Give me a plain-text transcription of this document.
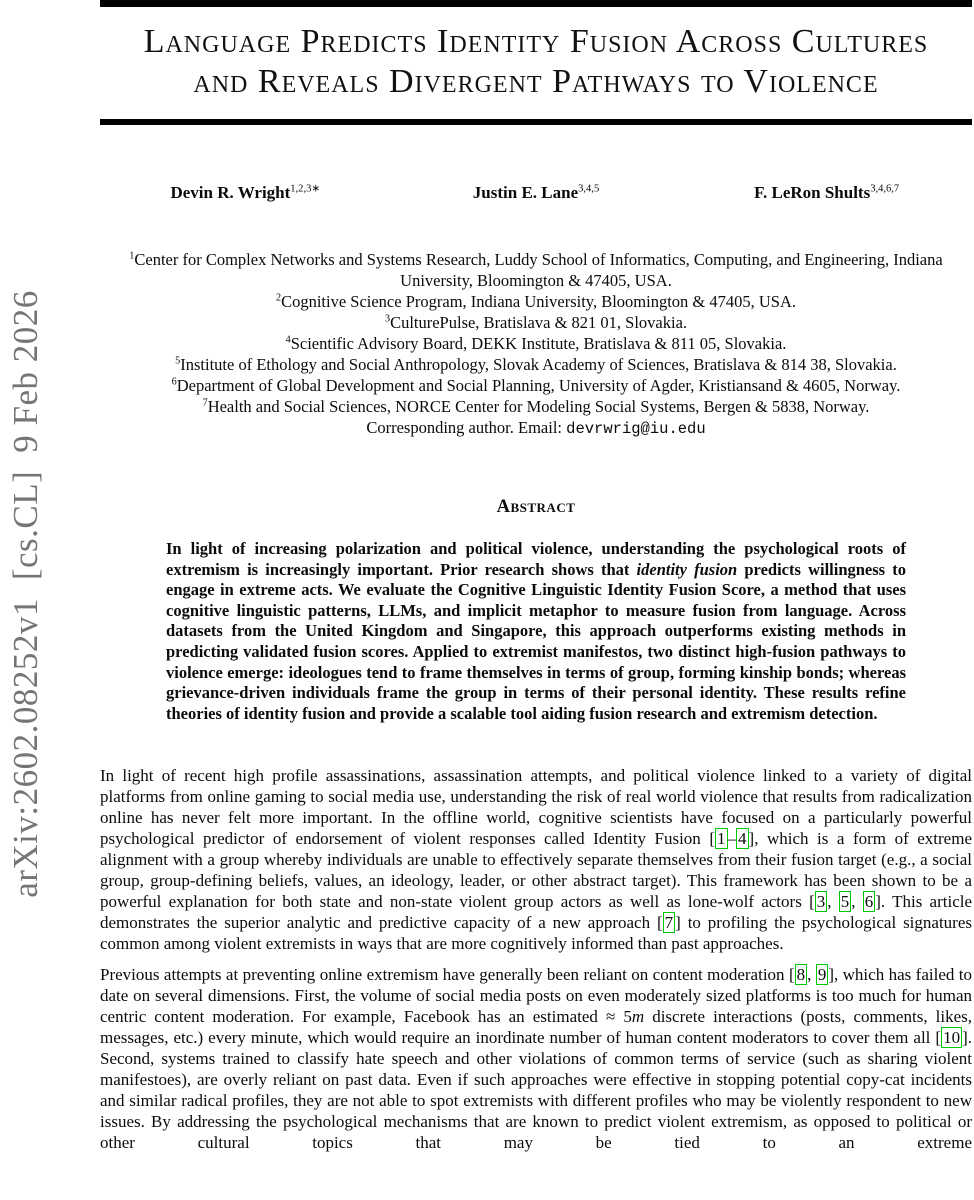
arXiv:2602.08252v1 [cs.CL] 9 Feb 2026
Language Predicts Identity Fusion Across Cultures
and Reveals Divergent Pathways to Violence
Devin R. Wright$^{1,2,3∗}$	Justin E. Lane$^{3,4,5}$	F. LeRon Shults$^{3,4,6,7}$
$^1$Center for Complex Networks and Systems Research, Luddy School of Informatics, Computing, and Engineering, Indiana University, Bloomington & 47405, USA.
$^2$Cognitive Science Program, Indiana University, Bloomington & 47405, USA.
$^3$CulturePulse, Bratislava & 821 01, Slovakia.
$^4$Scientific Advisory Board, DEKK Institute, Bratislava & 811 05, Slovakia.
$^5$Institute of Ethology and Social Anthropology, Slovak Academy of Sciences, Bratislava & 814 38, Slovakia.
$^6$Department of Global Development and Social Planning, University of Agder, Kristiansand & 4605, Norway.
$^7$Health and Social Sciences, NORCE Center for Modeling Social Systems, Bergen & 5838, Norway.
Corresponding author. Email: devrwrig@iu.edu
Abstract
In light of increasing polarization and political violence, understanding the psychological roots of extremism is increasingly important. Prior research shows that identity fusion predicts willingness to engage in extreme acts. We evaluate the Cognitive Linguistic Identity Fusion Score, a method that uses cognitive linguistic patterns, LLMs, and implicit metaphor to measure fusion from language. Across datasets from the United Kingdom and Singapore, this approach outperforms existing methods in predicting validated fusion scores. Applied to extremist manifestos, two distinct high-fusion pathways to violence emerge: ideologues tend to frame themselves in terms of group, forming kinship bonds; whereas grievance-driven individuals frame the group in terms of their personal identity. These results refine theories of identity fusion and provide a scalable tool aiding fusion research and extremism detection.

In light of recent high profile assassinations, assassination attempts, and political violence linked to a variety of digital platforms from online gaming to social media use, understanding the risk of real world violence that results from radicalization online has never felt more important. In the offline world, cognitive scientists have focused on a particularly powerful psychological predictor of endorsement of violent responses called Identity Fusion [ 1 – 4 ], which is a form of extreme alignment with a group whereby individuals are unable to effectively separate themselves from their fusion target (e.g., a social group, group-defining beliefs, values, an ideology, leader, or other abstract target). This framework has been shown to be a powerful explanation for both state and non-state violent group actors as well as lone-wolf actors [ 3 , 5 , 6 ]. This article demonstrates the superior analytic and predictive capacity of a new approach [ 7 ] to profiling the psychological signatures common among violent extremists in ways that are more cognitively informed than past approaches.

Previous attempts at preventing online extremism have generally been reliant on content moderation [ 8 , 9 ], which has failed to date on several dimensions. First, the volume of social media posts on even moderately sized platforms is too much for human centric content moderation. For example, Facebook has an estimated ≈ 5m discrete interactions (posts, comments, likes, messages, etc.) every minute, which would require an inordinate number of human content moderators to cover them all [ 10 ]. Second, systems trained to classify hate speech and other violations of common terms of service (such as sharing violent manifestoes), are overly reliant on past data. Even if such approaches were effective in stopping potential copy-cat incidents and similar radical profiles, they are not able to spot extremists with different profiles who may be violently respondent to new issues. By addressing the psychological mechanisms that are known to predict violent extremism, as opposed to political or other cultural topics that may be tied to an extreme
